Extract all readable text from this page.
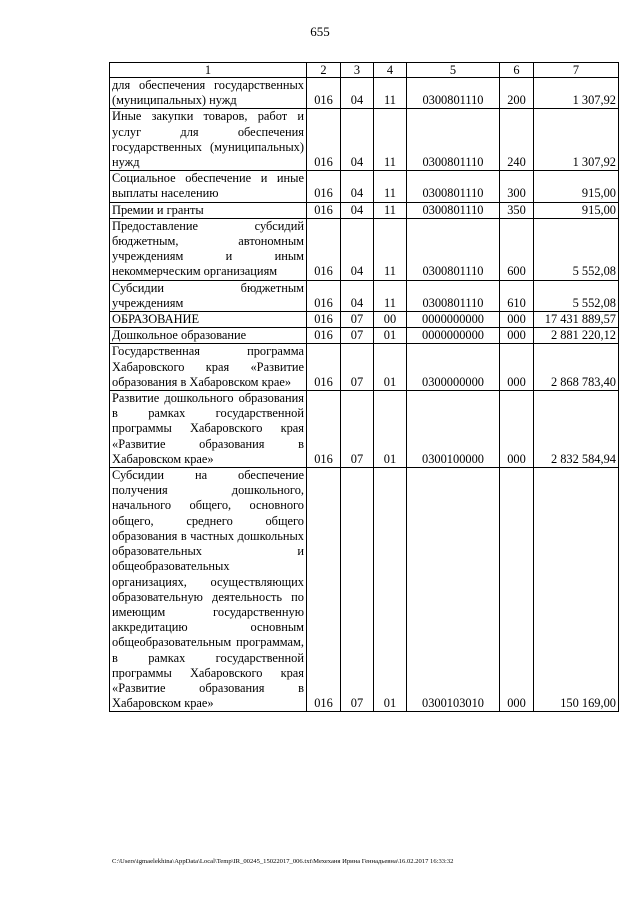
655
1	2	3	4	5	6	7
для обеспечения государственных (муниципальных) нужд	016	04	11	0300801110	200	1 307,92
Иные закупки товаров, работ и услуг для обеспечения государственных (муниципальных) нужд	016	04	11	0300801110	240	1 307,92
Социальное обеспечение и иные выплаты населению	016	04	11	0300801110	300	915,00
Премии и гранты	016	04	11	0300801110	350	915,00
Предоставление субсидий бюджетным, автономным учреждениям и иным некоммерческим организациям	016	04	11	0300801110	600	5 552,08
Субсидии бюджетным учреждениям	016	04	11	0300801110	610	5 552,08
ОБРАЗОВАНИЕ	016	07	00	0000000000	000	17 431 889,57
Дошкольное образование	016	07	01	0000000000	000	2 881 220,12
Государственная программа Хабаровского края «Развитие образования в Хабаровском крае»	016	07	01	0300000000	000	2 868 783,40
Развитие дошкольного образования в рамках государственной программы Хабаровского края «Развитие образования в Хабаровском крае»	016	07	01	0300100000	000	2 832 584,94
Субсидии на обеспечение получения дошкольного, начального общего, основного общего, среднего общего образования в частных дошкольных образовательных и общеобразовательных организациях, осуществляющих образовательную деятельность по имеющим государственную аккредитацию основным общеобразовательным программам, в рамках государственной программы Хабаровского края «Развитие образования в Хабаровском крае»	016	07	01	0300103010	000	150 169,00
C:\Users\igmaelekhina\AppData\Local\Temp\IR_00245_15022017_006.txt\Мехеханя Ирина Геннадьевна\16.02.2017 16:33:32
